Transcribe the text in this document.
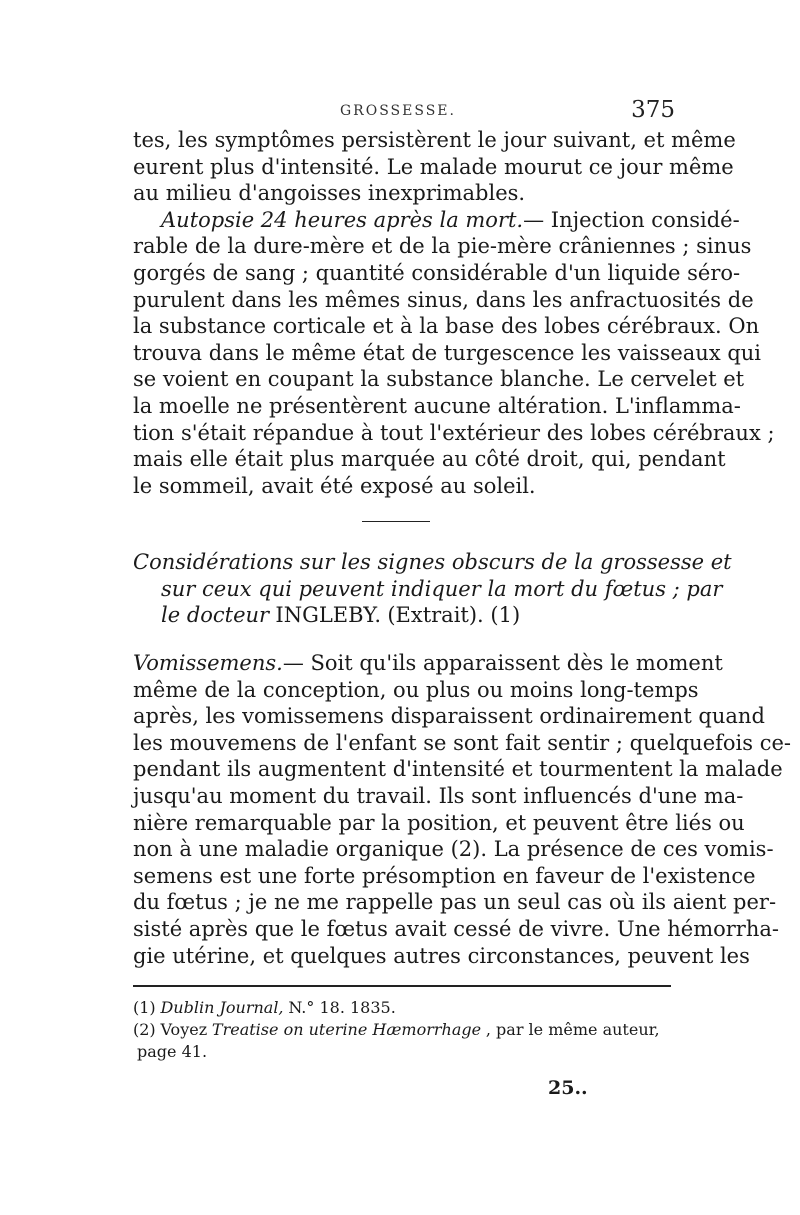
GROSSESSE.	375
tes, les symptômes persistèrent le jour suivant, et même
eurent plus d'intensité. Le malade mourut ce jour même
au milieu d'angoisses inexprimables.
Autopsie 24 heures après la mort. — Injection considé-
rable de la dure-mère et de la pie-mère crâniennes ; sinus
gorgés de sang ; quantité considérable d'un liquide séro-
purulent dans les mêmes sinus, dans les anfractuosités de
la substance corticale et à la base des lobes cérébraux. On
trouva dans le même état de turgescence les vaisseaux qui
se voient en coupant la substance blanche. Le cervelet et
la moelle ne présentèrent aucune altération. L'inflamma-
tion s'était répandue à tout l'extérieur des lobes cérébraux ;
mais elle était plus marquée au côté droit, qui, pendant
le sommeil, avait été exposé au soleil.
Considérations sur les signes obscurs de la grossesse et
sur ceux qui peuvent indiquer la mort du fœtus ; par
le docteur INGLEBY. (Extrait). (1)
Vomissemens. — Soit qu'ils apparaissent dès le moment
même de la conception, ou plus ou moins long-temps
après, les vomissemens disparaissent ordinairement quand
les mouvemens de l'enfant se sont fait sentir ; quelquefois ce-
pendant ils augmentent d'intensité et tourmentent la malade
jusqu'au moment du travail. Ils sont influencés d'une ma-
nière remarquable par la position, et peuvent être liés ou
non à une maladie organique (2). La présence de ces vomis-
semens est une forte présomption en faveur de l'existence
du fœtus ; je ne me rappelle pas un seul cas où ils aient per-
sisté après que le fœtus avait cessé de vivre. Une hémorrha-
gie utérine, et quelques autres circonstances, peuvent les
(1) Dublin Journal, N.° 18. 1835.
(2) Voyez Treatise on uterine Hæmorrhage , par le même auteur,
page 41.
25..
